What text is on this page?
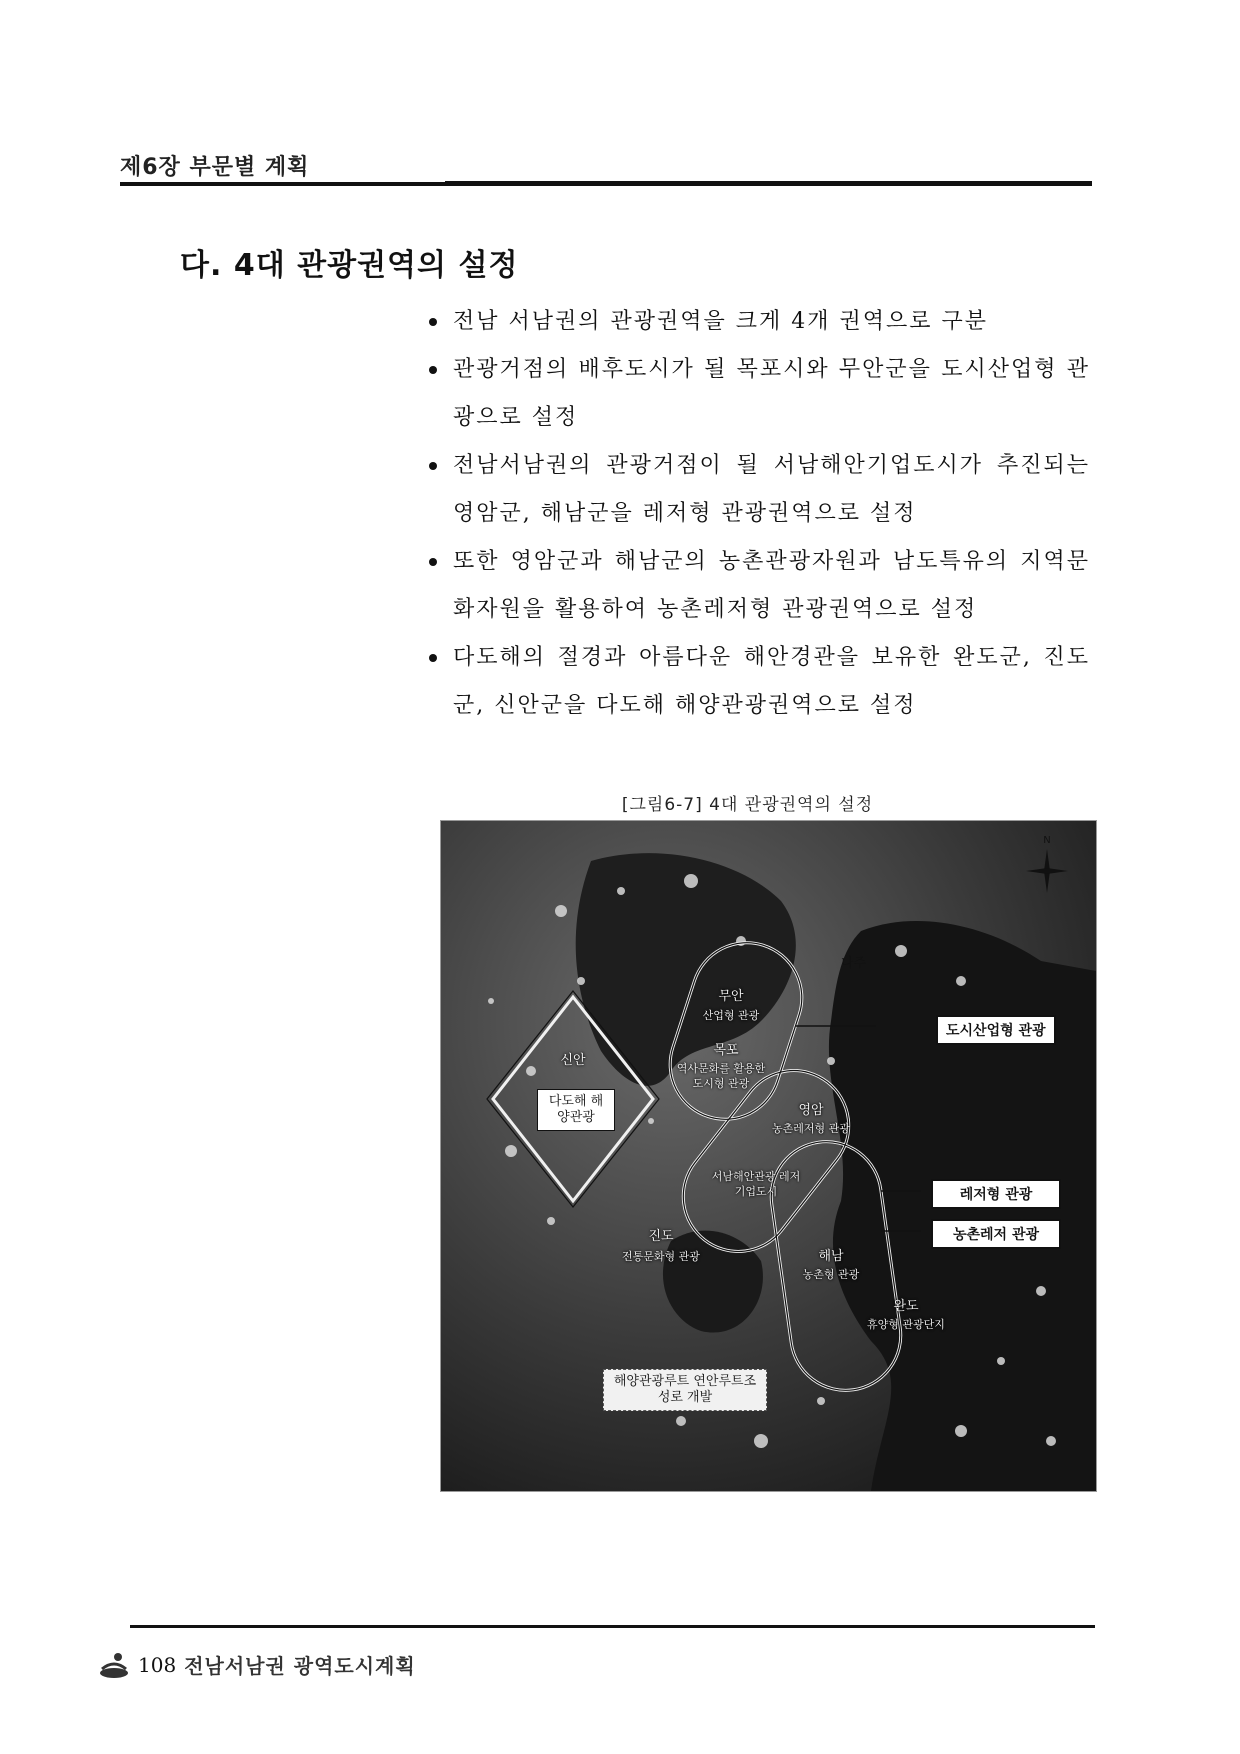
제6장 부문별 계획
다. 4대 관광권역의 설정
전남 서남권의 관광권역을 크게 4개 권역으로 구분
관광거점의 배후도시가 될 목포시와 무안군을 도시산업형 관광으로 설정
전남서남권의 관광거점이 될 서남해안기업도시가 추진되는 영암군, 해남군을 레저형 관광권역으로 설정
또한 영암군과 해남군의 농촌관광자원과 남도특유의 지역문화자원을 활용하여 농촌레저형 관광권역으로 설정
다도해의 절경과 아름다운 해안경관을 보유한 완도군, 진도군, 신안군을 다도해 해양관광권역으로 설정
[그림6-7] 4대 관광권역의 설정
N
나주
무안
산업형 관광
목포
역사문화를 활용한 도시형 관광
신안
다도해 해양관광	영암
농촌레저형 관광
서남해안관광 레저 기업도시
진도
전통문화형 관광	해남
농촌형 관광
완도
휴양형 관광단지
해양관광루트 연안루트조성로 개발
도시산업형 관광
레저형 관광
농촌레저 관광
108 전남서남권 광역도시계획
